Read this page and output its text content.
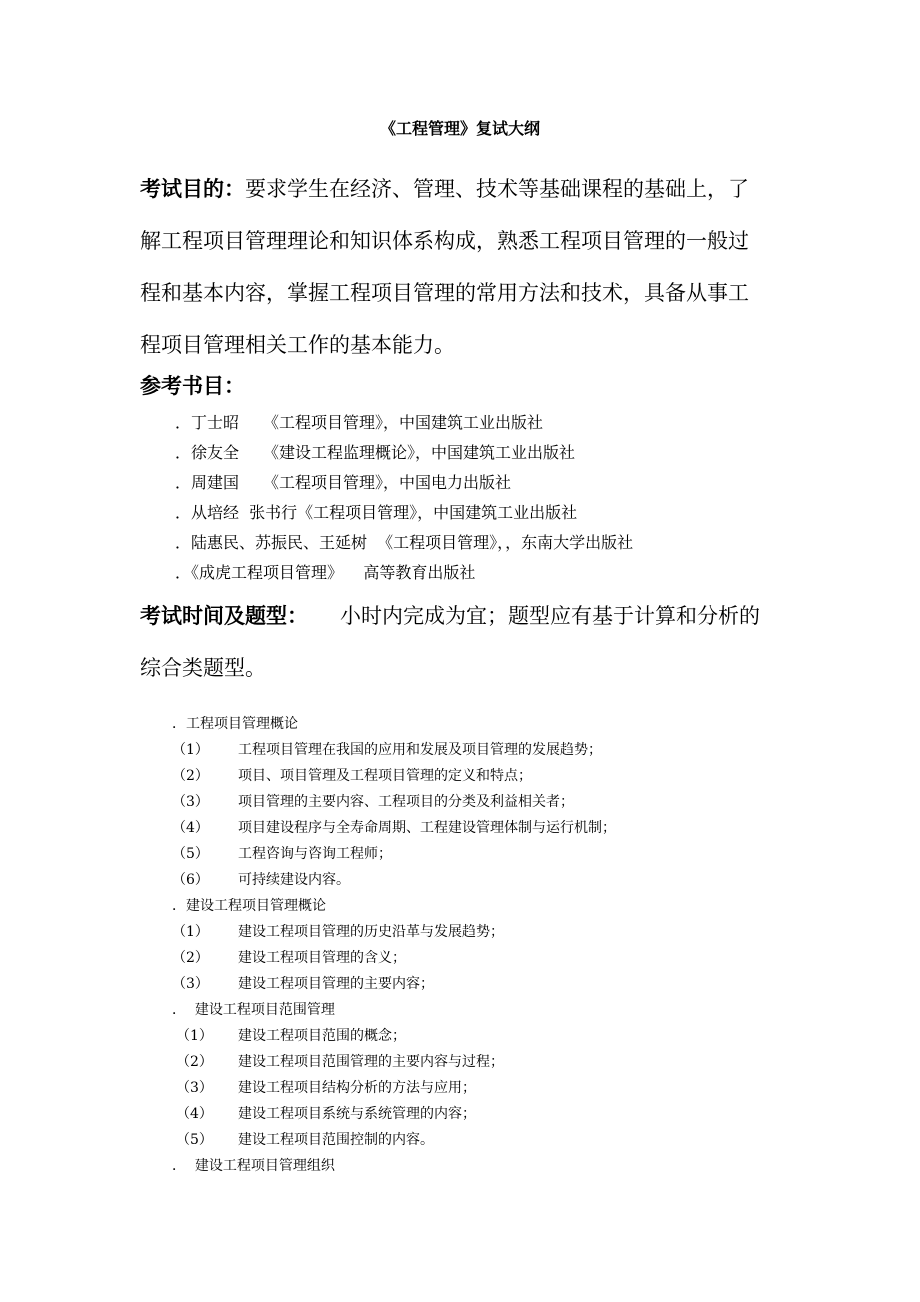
《工程管理》复试大纲
考试目的：要求学生在经济、管理、技术等基础课程的基础上，了
解工程项目管理理论和知识体系构成，熟悉工程项目管理的一般过
程和基本内容，掌握工程项目管理的常用方法和技术，具备从事工
程项目管理相关工作的基本能力。
参考书目：
．丁士昭　　《工程项目管理》，中国建筑工业出版社
．徐友全　　《建设工程监理概论》，中国建筑工业出版社
．周建国　　《工程项目管理》，中国电力出版社
．从培经  张书行《工程项目管理》，中国建筑工业出版社
．陆惠民、苏振民、王延树  《工程项目管理》，，东南大学出版社
．《成虎工程项目管理》    高等教育出版社
考试时间及题型： 小时内完成为宜；题型应有基于计算和分析的
综合类题型。
．工程项目管理概论
（1） 工程项目管理在我国的应用和发展及项目管理的发展趋势；
（2） 项目、项目管理及工程项目管理的定义和特点；
（3） 项目管理的主要内容、工程项目的分类及利益相关者；
（4） 项目建设程序与全寿命周期、工程建设管理体制与运行机制；
（5） 工程咨询与咨询工程师；
（6） 可持续建设内容。
．建设工程项目管理概论
（1） 建设工程项目管理的历史沿革与发展趋势；
（2） 建设工程项目管理的含义；
（3） 建设工程项目管理的主要内容；
．  建设工程项目范围管理
（1） 建设工程项目范围的概念；
（2） 建设工程项目范围管理的主要内容与过程；
（3） 建设工程项目结构分析的方法与应用；
（4） 建设工程项目系统与系统管理的内容；
（5） 建设工程项目范围控制的内容。
．  建设工程项目管理组织
